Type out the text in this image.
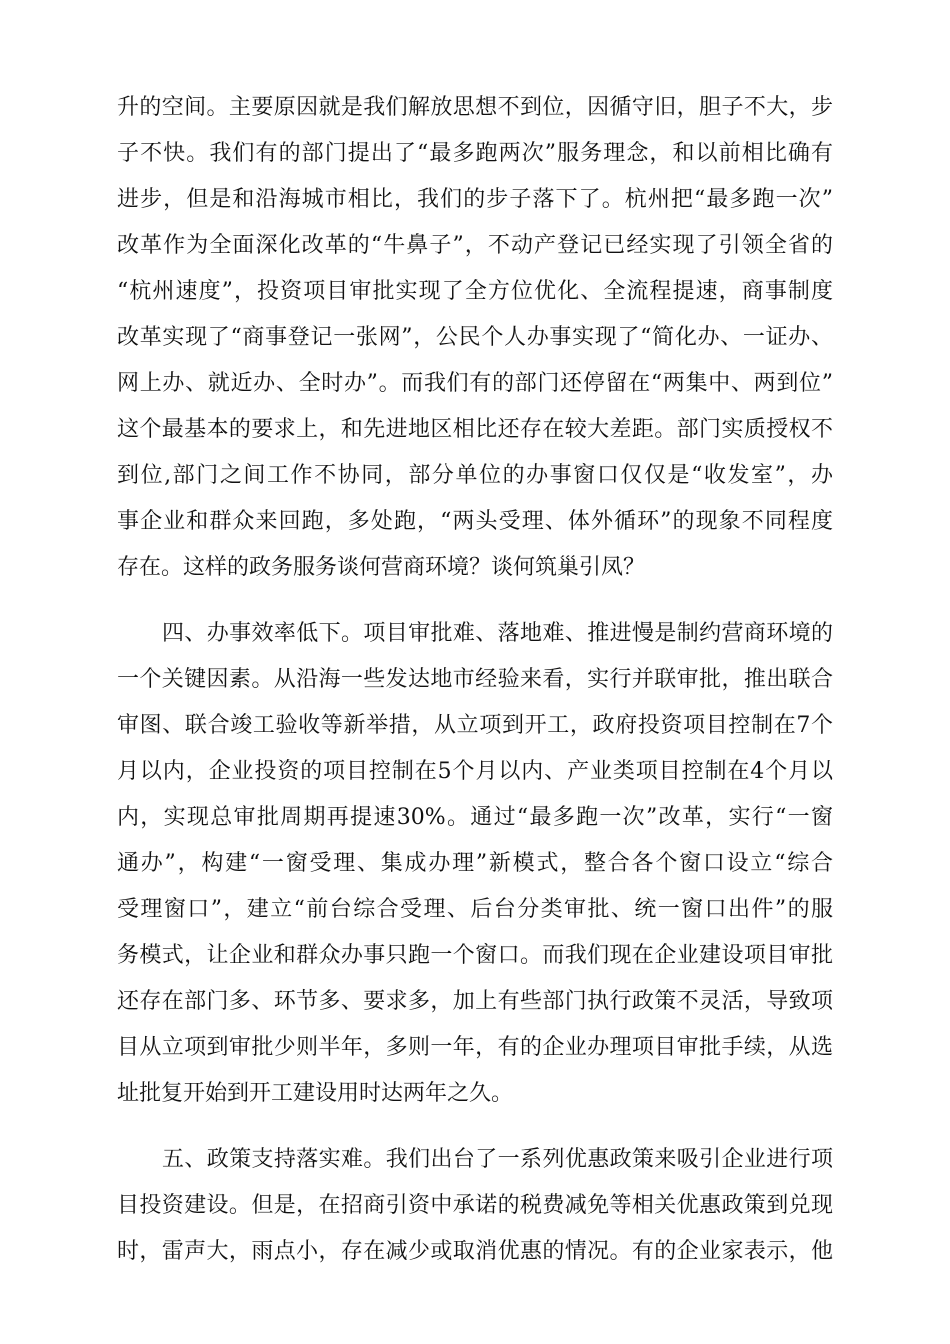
升的空间。主要原因就是我们解放思想不到位，因循守旧，胆子不大，步
子不快。我们有的部门提出了“最多跑两次”服务理念，和以前相比确有
进步，但是和沿海城市相比，我们的步子落下了。杭州把“最多跑一次”
改革作为全面深化改革的“牛鼻子”，不动产登记已经实现了引领全省的
“杭州速度”，投资项目审批实现了全方位优化、全流程提速，商事制度
改革实现了“商事登记一张网”，公民个人办事实现了“简化办、一证办、
网上办、就近办、全时办”。而我们有的部门还停留在“两集中、两到位”
这个最基本的要求上，和先进地区相比还存在较大差距。部门实质授权不
到位,部门之间工作不协同，部分单位的办事窗口仅仅是“收发室”，办
事企业和群众来回跑，多处跑，“两头受理、体外循环”的现象不同程度
存在。这样的政务服务谈何营商环境？谈何筑巢引凤？
四、办事效率低下。项目审批难、落地难、推进慢是制约营商环境的
一个关键因素。从沿海一些发达地市经验来看，实行并联审批，推出联合
审图、联合竣工验收等新举措，从立项到开工，政府投资项目控制在7个
月以内，企业投资的项目控制在5个月以内、产业类项目控制在4个月以
内，实现总审批周期再提速30%。通过“最多跑一次”改革，实行“一窗
通办”，构建“一窗受理、集成办理”新模式，整合各个窗口设立“综合
受理窗口”，建立“前台综合受理、后台分类审批、统一窗口出件”的服
务模式，让企业和群众办事只跑一个窗口。而我们现在企业建设项目审批
还存在部门多、环节多、要求多，加上有些部门执行政策不灵活，导致项
目从立项到审批少则半年，多则一年，有的企业办理项目审批手续，从选
址批复开始到开工建设用时达两年之久。
五、政策支持落实难。我们出台了一系列优惠政策来吸引企业进行项
目投资建设。但是，在招商引资中承诺的税费减免等相关优惠政策到兑现
时，雷声大，雨点小，存在减少或取消优惠的情况。有的企业家表示，他
